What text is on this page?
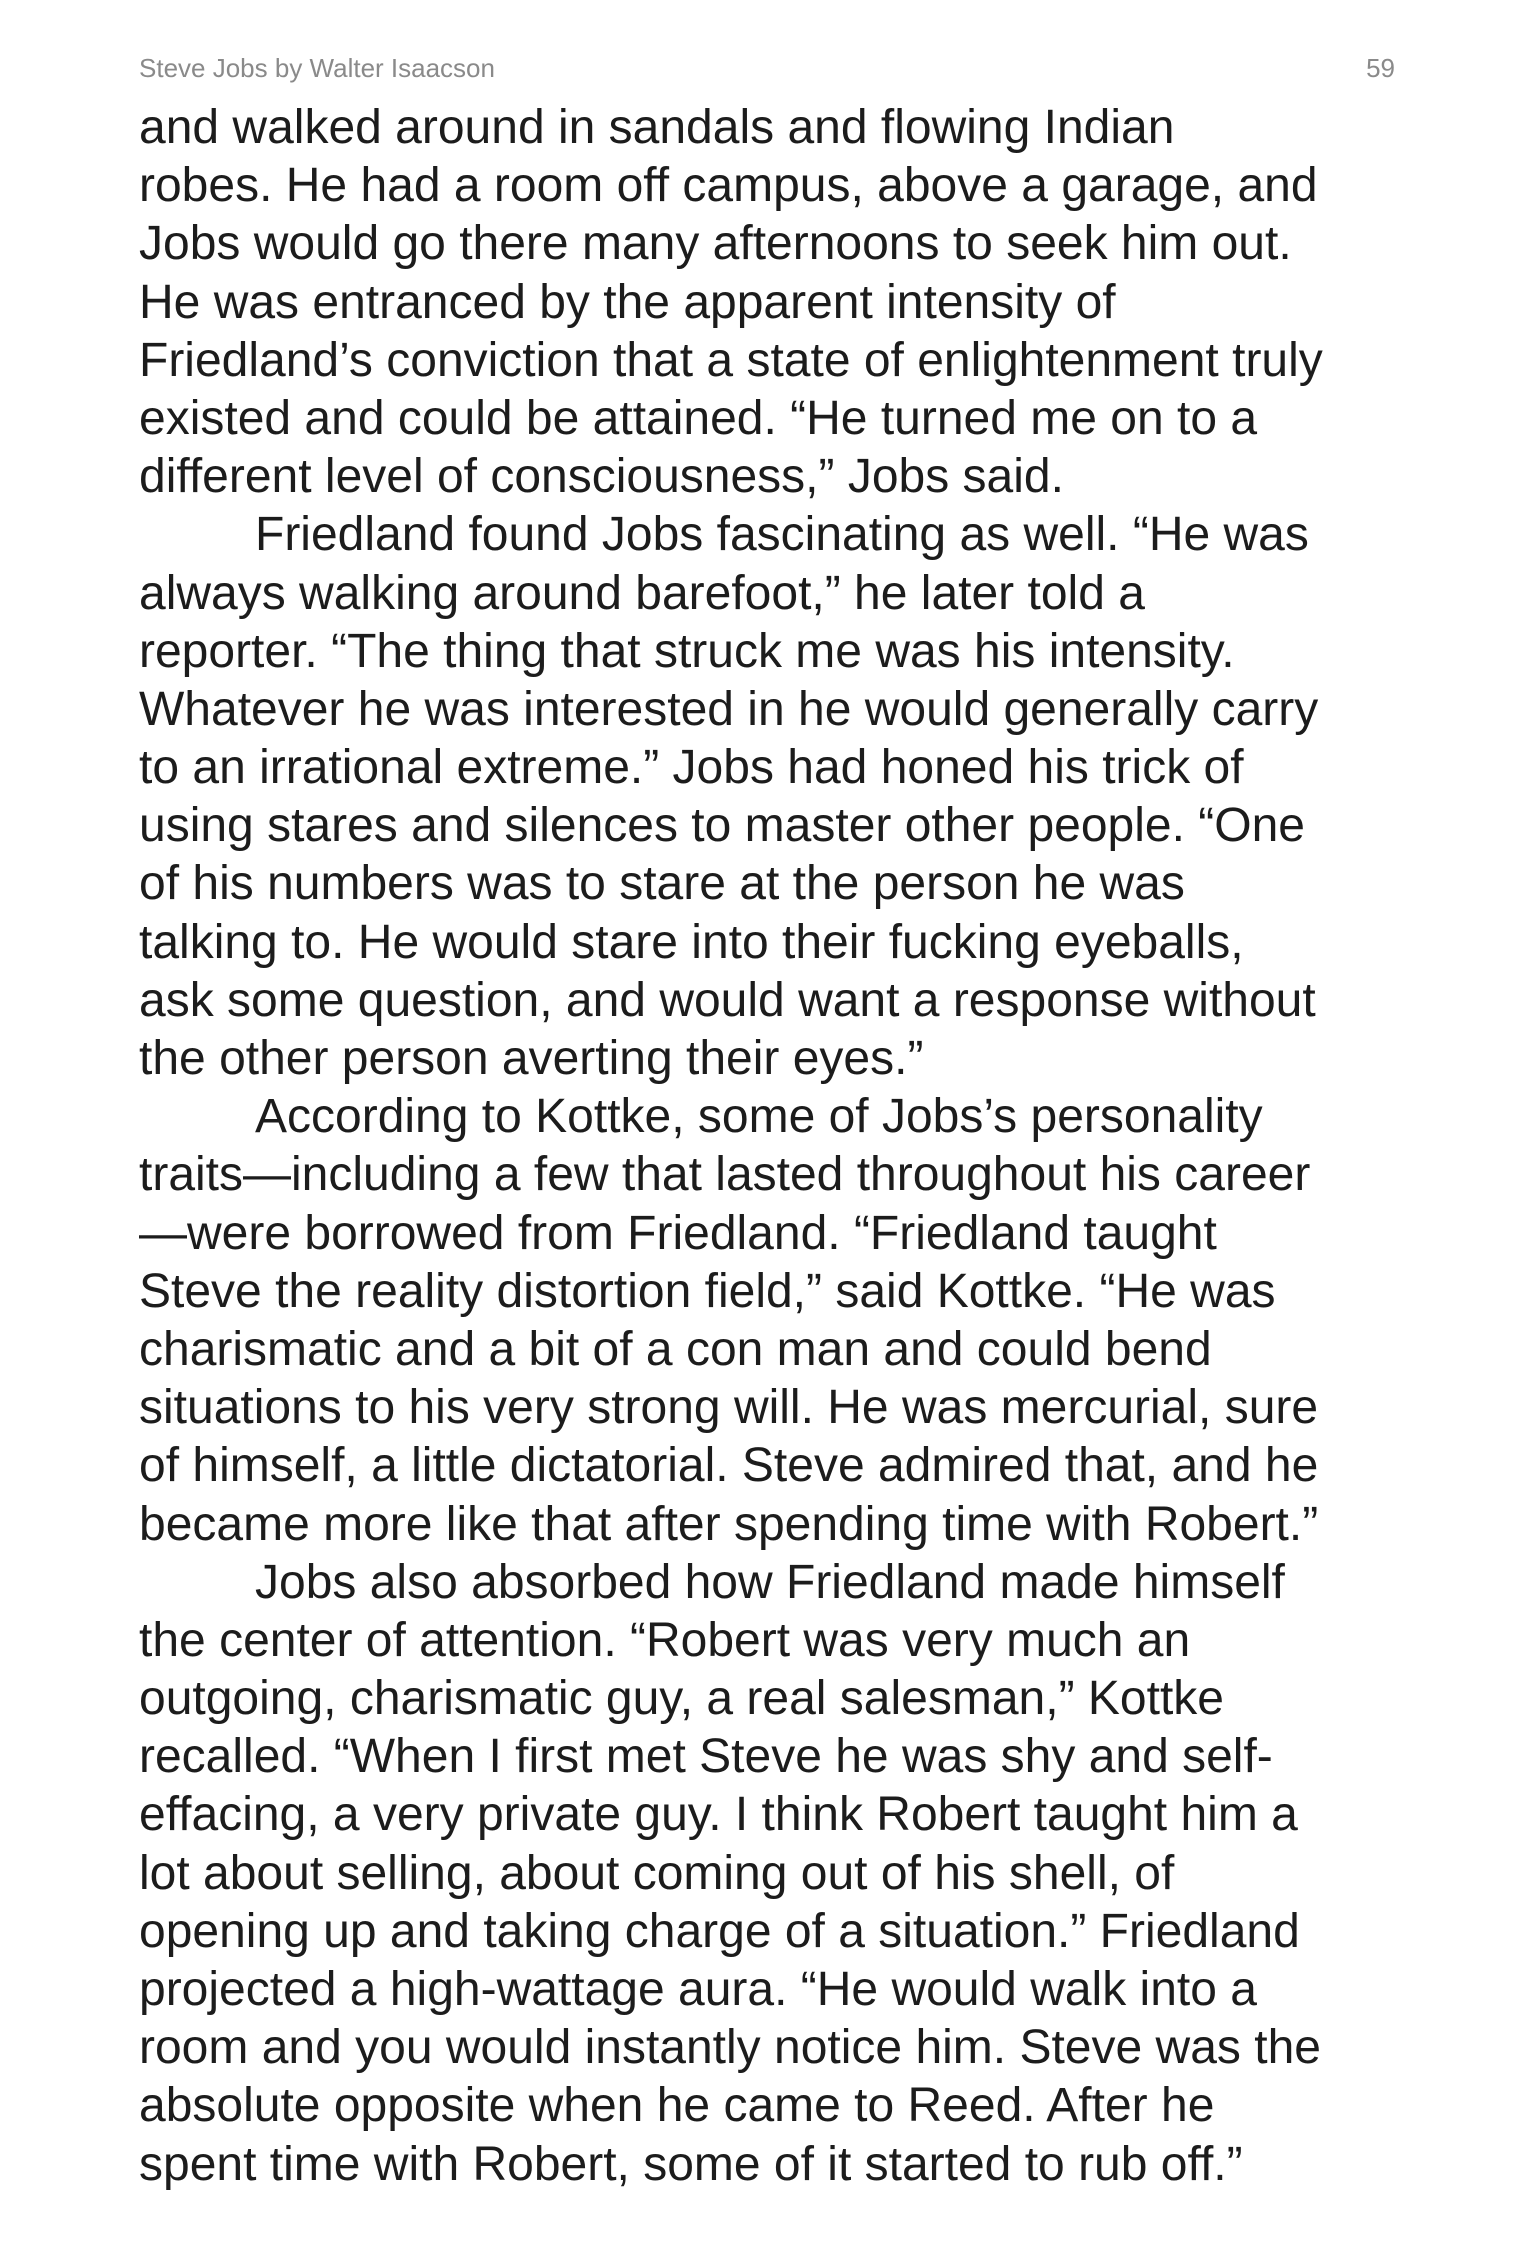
Steve Jobs by Walter Isaacson	59
and walked around in sandals and flowing Indian
robes. He had a room off campus, above a garage, and
Jobs would go there many afternoons to seek him out.
He was entranced by the apparent intensity of
Friedland’s conviction that a state of enlightenment truly
existed and could be attained. “He turned me on to a
different level of consciousness,” Jobs said.
Friedland found Jobs fascinating as well. “He was
always walking around barefoot,” he later told a
reporter. “The thing that struck me was his intensity.
Whatever he was interested in he would generally carry
to an irrational extreme.” Jobs had honed his trick of
using stares and silences to master other people. “One
of his numbers was to stare at the person he was
talking to. He would stare into their fucking eyeballs,
ask some question, and would want a response without
the other person averting their eyes.”
According to Kottke, some of Jobs’s personality
traits—including a few that lasted throughout his career
—were borrowed from Friedland. “Friedland taught
Steve the reality distortion field,” said Kottke. “He was
charismatic and a bit of a con man and could bend
situations to his very strong will. He was mercurial, sure
of himself, a little dictatorial. Steve admired that, and he
became more like that after spending time with Robert.”
Jobs also absorbed how Friedland made himself
the center of attention. “Robert was very much an
outgoing, charismatic guy, a real salesman,” Kottke
recalled. “When I first met Steve he was shy and self-
effacing, a very private guy. I think Robert taught him a
lot about selling, about coming out of his shell, of
opening up and taking charge of a situation.” Friedland
projected a high-wattage aura. “He would walk into a
room and you would instantly notice him. Steve was the
absolute opposite when he came to Reed. After he
spent time with Robert, some of it started to rub off.”
